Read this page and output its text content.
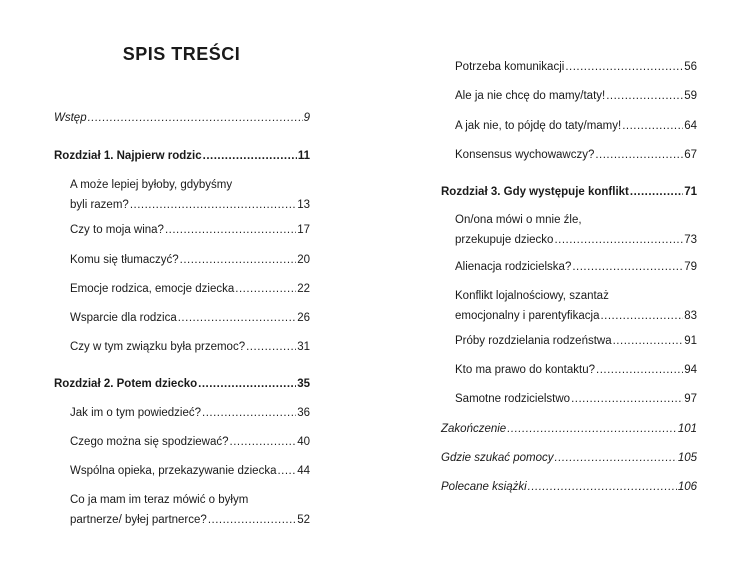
SPIS TREŚCI
Wstęp .....	9
Rozdział 1. Najpierw rodzic .....	11
A może lepiej byłoby, gdybyśmy
byli razem? .....	13
Czy to moja wina? .....	17
Komu się tłumaczyć? .....	20
Emocje rodzica, emocje dziecka .....	22
Wsparcie dla rodzica .....	26
Czy w tym związku była przemoc? .....	31
Rozdział 2. Potem dziecko .....	35
Jak im o tym powiedzieć? .....	36
Czego można się spodziewać? .....	40
Wspólna opieka, przekazywanie dziecka ..... 44
Co ja mam im teraz mówić o byłym
partnerze/ byłej partnerce? .....	52
Potrzeba komunikacji .....	56
Ale ja nie chcę do mamy/taty! .....	59
A jak nie, to pójdę do taty/mamy! .....	64
Konsensus wychowawczy? .....	67
Rozdział 3. Gdy występuje konflikt .....	71
On/ona mówi o mnie źle,
przekupuje dziecko .....	73
Alienacja rodzicielska? .....	79
Konflikt lojalnościowy, szantaż
emocjonalny i parentyfikacja .....	83
Próby rozdzielania rodzeństwa .....	91
Kto ma prawo do kontaktu? .....	94
Samotne rodzicielstwo .....	97
Zakończenie .....	101
Gdzie szukać pomocy .....	105
Polecane książki .....	106
